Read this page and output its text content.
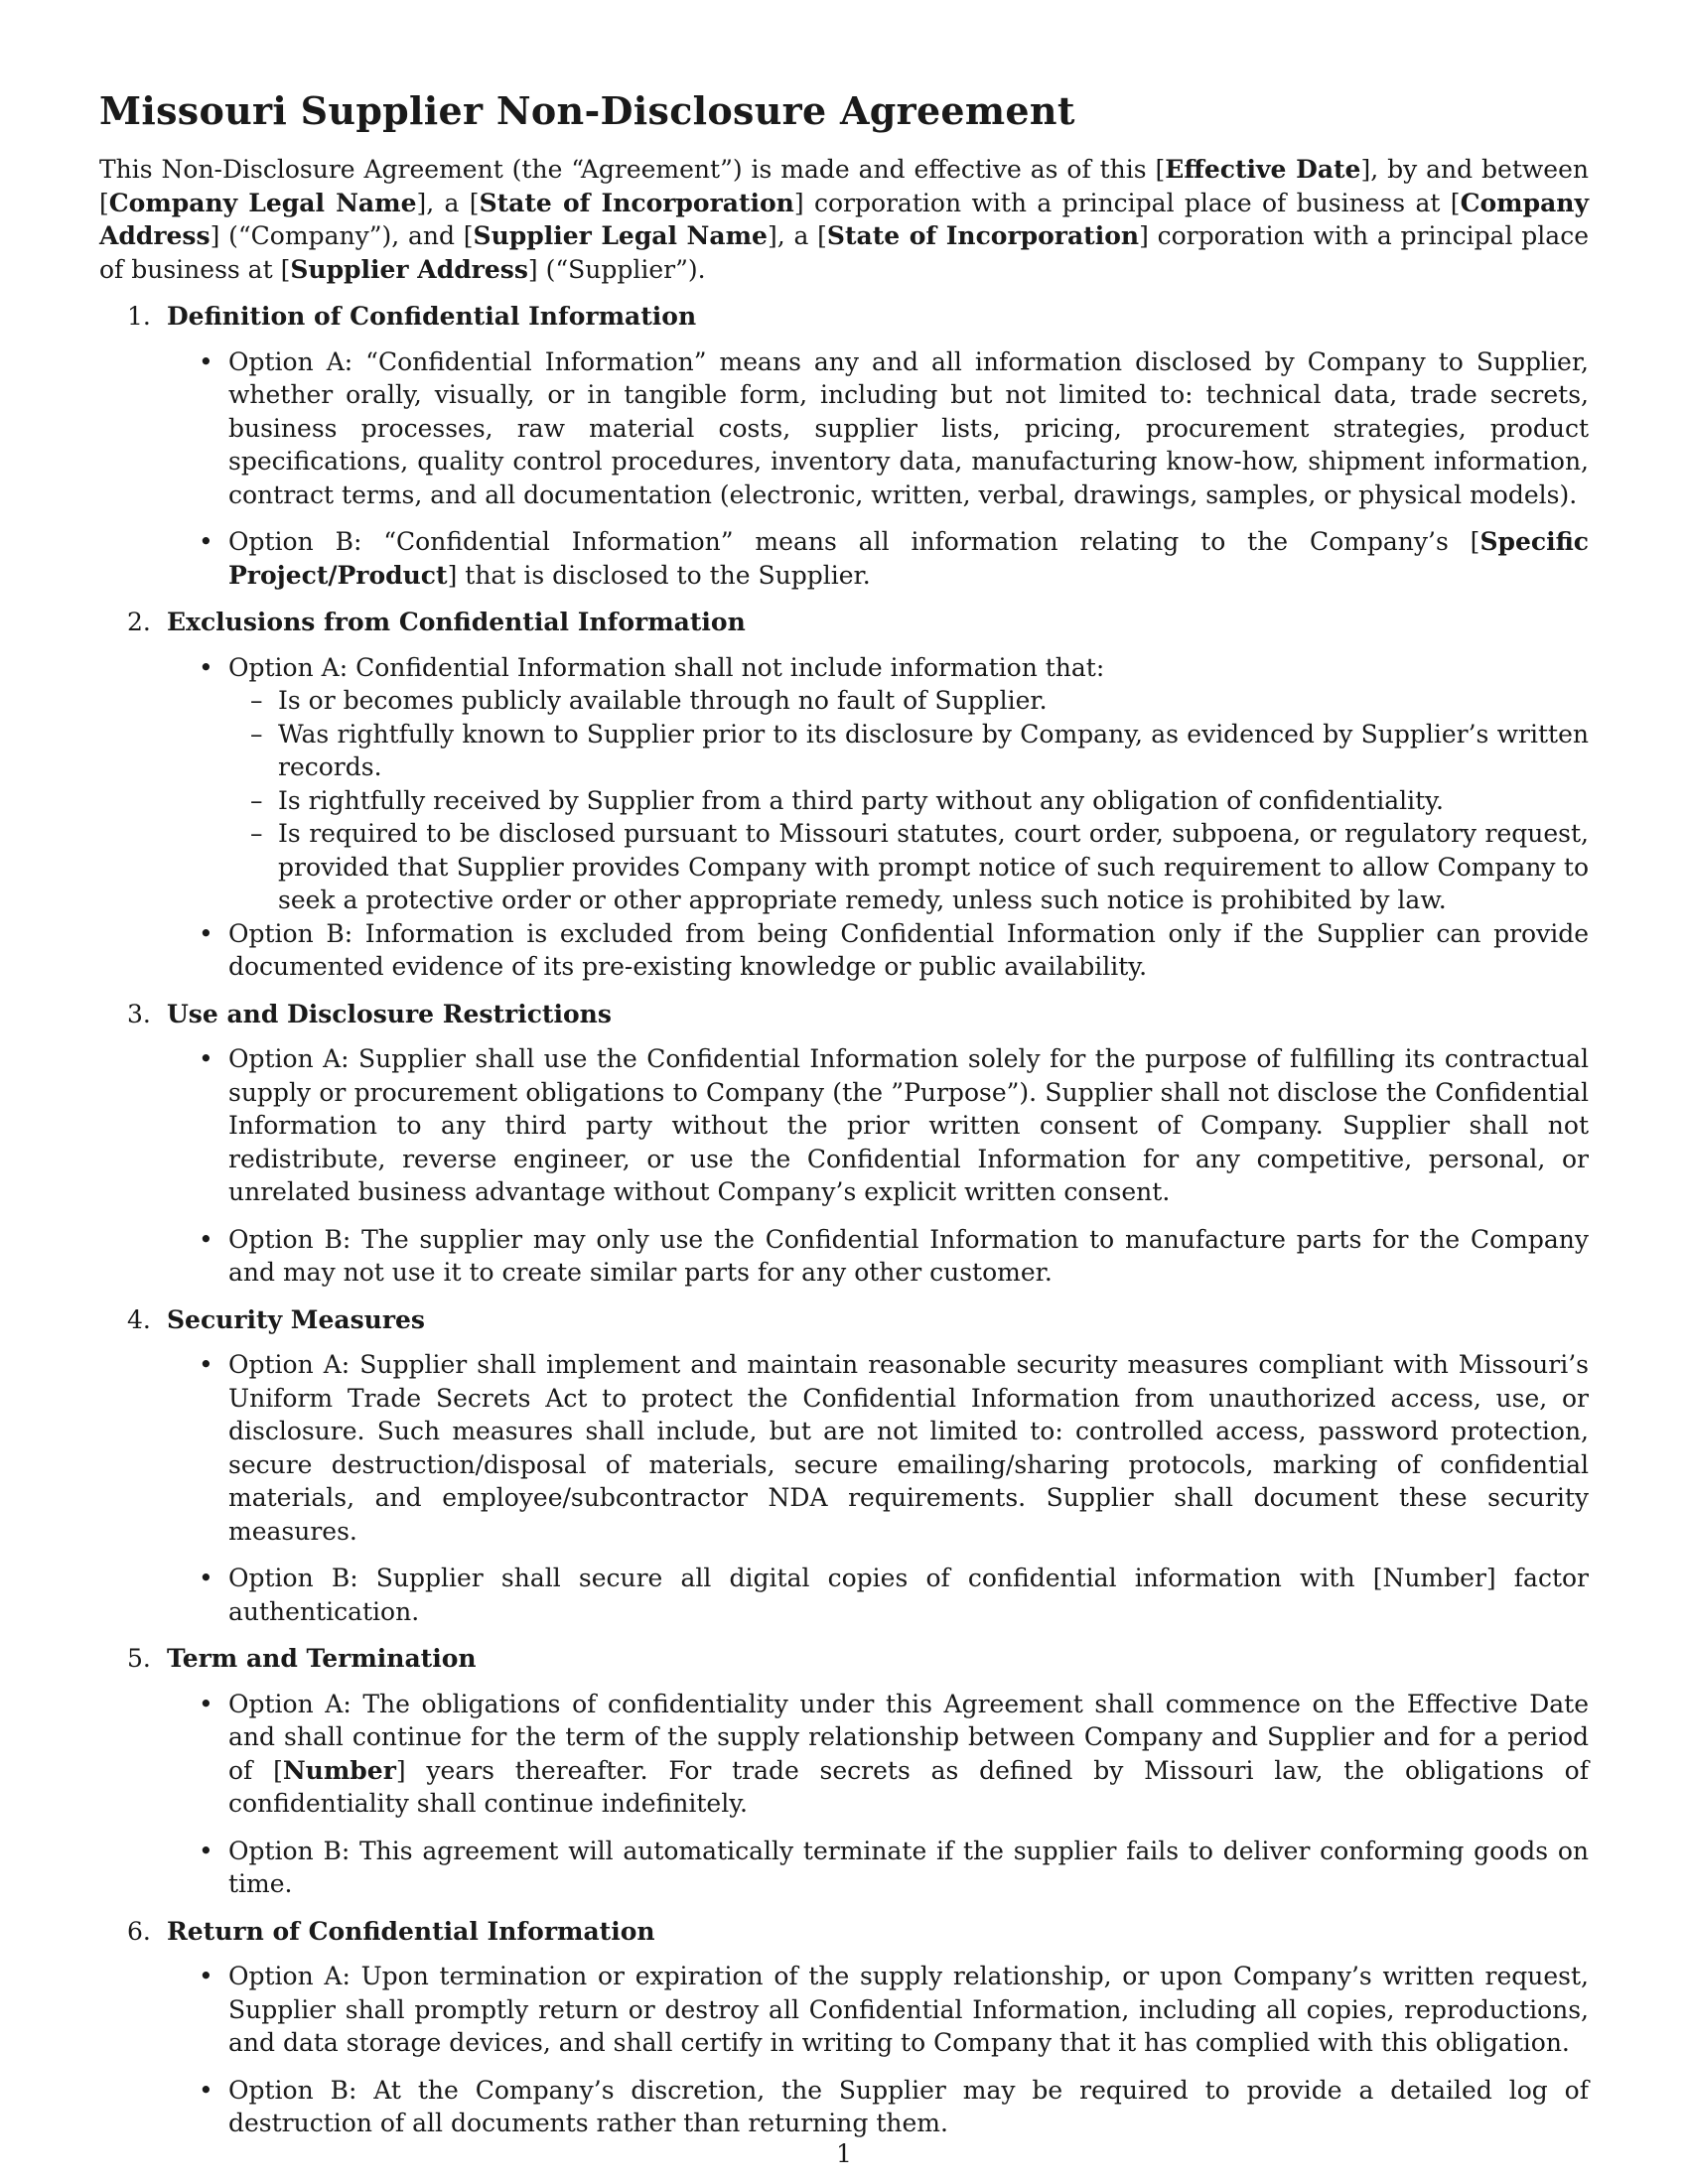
Missouri Supplier Non-Disclosure Agreement

This Non-Disclosure Agreement (the “Agreement”) is made and effective as of this [Effective Date], by and between [Company Legal Name], a [State of Incorporation] corporation with a principal place of business at [Company Address] (“Company”), and [Supplier Legal Name], a [State of Incorporation] corporation with a principal place of business at [Supplier Address] (“Supplier”).

1. Definition of Confidential Information
• Option A: “Confidential Information” means any and all information disclosed by Company to Supplier, whether orally, visually, or in tangible form, including but not limited to: technical data, trade secrets, business processes, raw material costs, supplier lists, pricing, procurement strategies, product specifications, quality control procedures, inventory data, manufacturing know-how, shipment information, contract terms, and all documentation (electronic, written, verbal, drawings, samples, or physical models).
• Option B: “Confidential Information” means all information relating to the Company’s [Specific Project/Product] that is disclosed to the Supplier.
2. Exclusions from Confidential Information
• Option A: Confidential Information shall not include information that:
– Is or becomes publicly available through no fault of Supplier.
– Was rightfully known to Supplier prior to its disclosure by Company, as evidenced by Supplier’s written records.
– Is rightfully received by Supplier from a third party without any obligation of confidentiality.
– Is required to be disclosed pursuant to Missouri statutes, court order, subpoena, or regulatory request, provided that Supplier provides Company with prompt notice of such requirement to allow Company to seek a protective order or other appropriate remedy, unless such notice is prohibited by law.
• Option B: Information is excluded from being Confidential Information only if the Supplier can provide documented evidence of its pre-existing knowledge or public availability.
3. Use and Disclosure Restrictions
• Option A: Supplier shall use the Confidential Information solely for the purpose of fulfilling its contractual supply or procurement obligations to Company (the ”Purpose”). Supplier shall not disclose the Confidential Information to any third party without the prior written consent of Company. Supplier shall not redistribute, reverse engineer, or use the Confidential Information for any competitive, personal, or unrelated business advantage without Company’s explicit written consent.
• Option B: The supplier may only use the Confidential Information to manufacture parts for the Company and may not use it to create similar parts for any other customer.
4. Security Measures
• Option A: Supplier shall implement and maintain reasonable security measures compliant with Missouri’s Uniform Trade Secrets Act to protect the Confidential Information from unauthorized access, use, or disclosure. Such measures shall include, but are not limited to: controlled access, password protection, secure destruction/disposal of materials, secure emailing/sharing protocols, marking of confidential materials, and employee/subcontractor NDA requirements. Supplier shall document these security measures.
• Option B: Supplier shall secure all digital copies of confidential information with [Number] factor authentication.
5. Term and Termination
• Option A: The obligations of confidentiality under this Agreement shall commence on the Effective Date and shall continue for the term of the supply relationship between Company and Supplier and for a period of [Number] years thereafter. For trade secrets as defined by Missouri law, the obligations of confidentiality shall continue indefinitely.
• Option B: This agreement will automatically terminate if the supplier fails to deliver conforming goods on time.
6. Return of Confidential Information
• Option A: Upon termination or expiration of the supply relationship, or upon Company’s written request, Supplier shall promptly return or destroy all Confidential Information, including all copies, reproductions, and data storage devices, and shall certify in writing to Company that it has complied with this obligation.
• Option B: At the Company’s discretion, the Supplier may be required to provide a detailed log of destruction of all documents rather than returning them.
1
